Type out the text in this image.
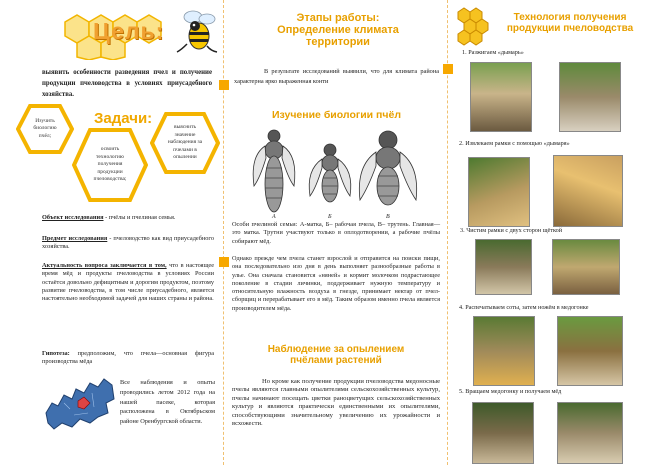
Цель:
выявить особенности разведения пчел и получение продукции пчеловодства в условиях приусадебного хозяйства.
Задачи:
Изучить биологию пчёл;
освоить технологию получения продукции пчеловодства;
выяснить значение наблюдения за пчелами в опылении
Объект исследования - пчёлы и пчелиная семья.
Предмет исследования - пчеловодство как вид приусадебного хозяйства.
Актуальность вопроса заключается в том, что в настоящее время мёд и продукты пчеловодства в условиях России остаётся довольно дефицитным и дорогим продуктом, поэтому развитие пчеловодства, в том числе приусадебного, является настоятельно необходимой задачей для наших страны и района.
Гипотеза: предположим, что пчела—основная фигура производства мёда
Все наблюдения и опыты проводились летом 2012 года на нашей пасеке, которая расположена в Октябрьском районе Оренбургской области.
Этапы работы: Определение климата территории
В результате исследований выявили, что для климата района характерна ярко выраженная конти
Изучение биологии пчёл
А	Б	В
Особи пчелиной семьи: А-матка, Б– рабочая пчела, В– трутень. Главная—это матка. Трутни участвуют только в оплодотворении, а рабочие пчёлы собирают мёд.
Однако прежде чем пчела станет взрослой и отправится на поиски пищи, она последовательно изо дня в день выполняет разнообразные работы в улье. Она сначала становится «няней» и кормит молочком подрастающее поколение в стадии личинки, поддерживает нужную температуру и относительную влажность воздуха в гнезде, принимает нектар от пчел-сборщиц и перерабатывает его в мёд. Таким образом именно пчела является производителем мёда.
Наблюдение за опылением пчёлами растений
Но кроме как получение продукции пчеловодства медоносные пчелы являются главными опылителями сельскохозяйственных культур, пчелы начинают посещать цветки раноцветущих сельскохозяйственных культур и являются практически единственными их опылителями, способствующими значительному увеличению их урожайности и всхожести.
Технология получения продукции пчеловодства
1. Разжигаем «дымарь»
2. Извлекаем рамки с помощью «дымаря»
3. Чистим рамки с двух сторон щёткой
4. Распечатываем соты, затем ножём в медогонке
5. Вращаем медогонку и получаем мёд
